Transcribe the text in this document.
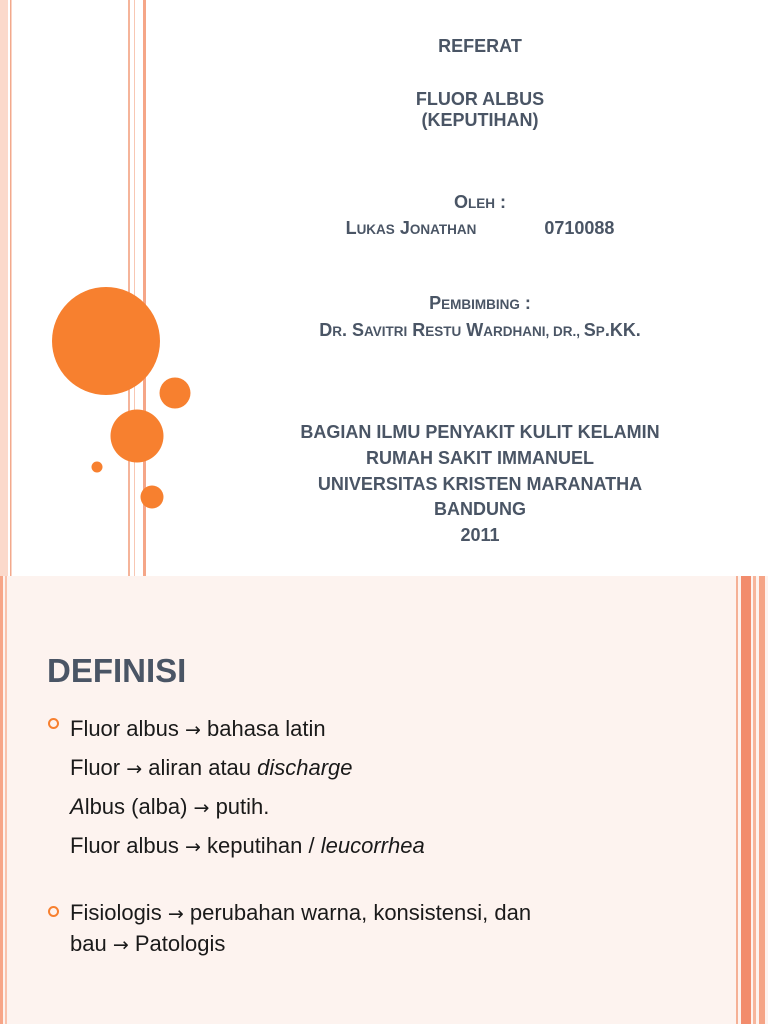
REFERAT
FLUOR ALBUS
(KEPUTIHAN)
OLEH :
LUKAS JONATHAN	0710088
PEMBIMBING :
DR. SAVITRI RESTU WARDHANI, DR., SP.KK.
BAGIAN ILMU PENYAKIT KULIT KELAMIN
RUMAH SAKIT IMMANUEL
UNIVERSITAS KRISTEN MARANATHA
BANDUNG
2011
DEFINISI
Fluor albus → bahasa latin
Fluor → aliran atau discharge
Albus (alba) → putih.
Fluor albus → keputihan / leucorrhea
Fisiologis → perubahan warna, konsistensi, dan
bau → Patologis
